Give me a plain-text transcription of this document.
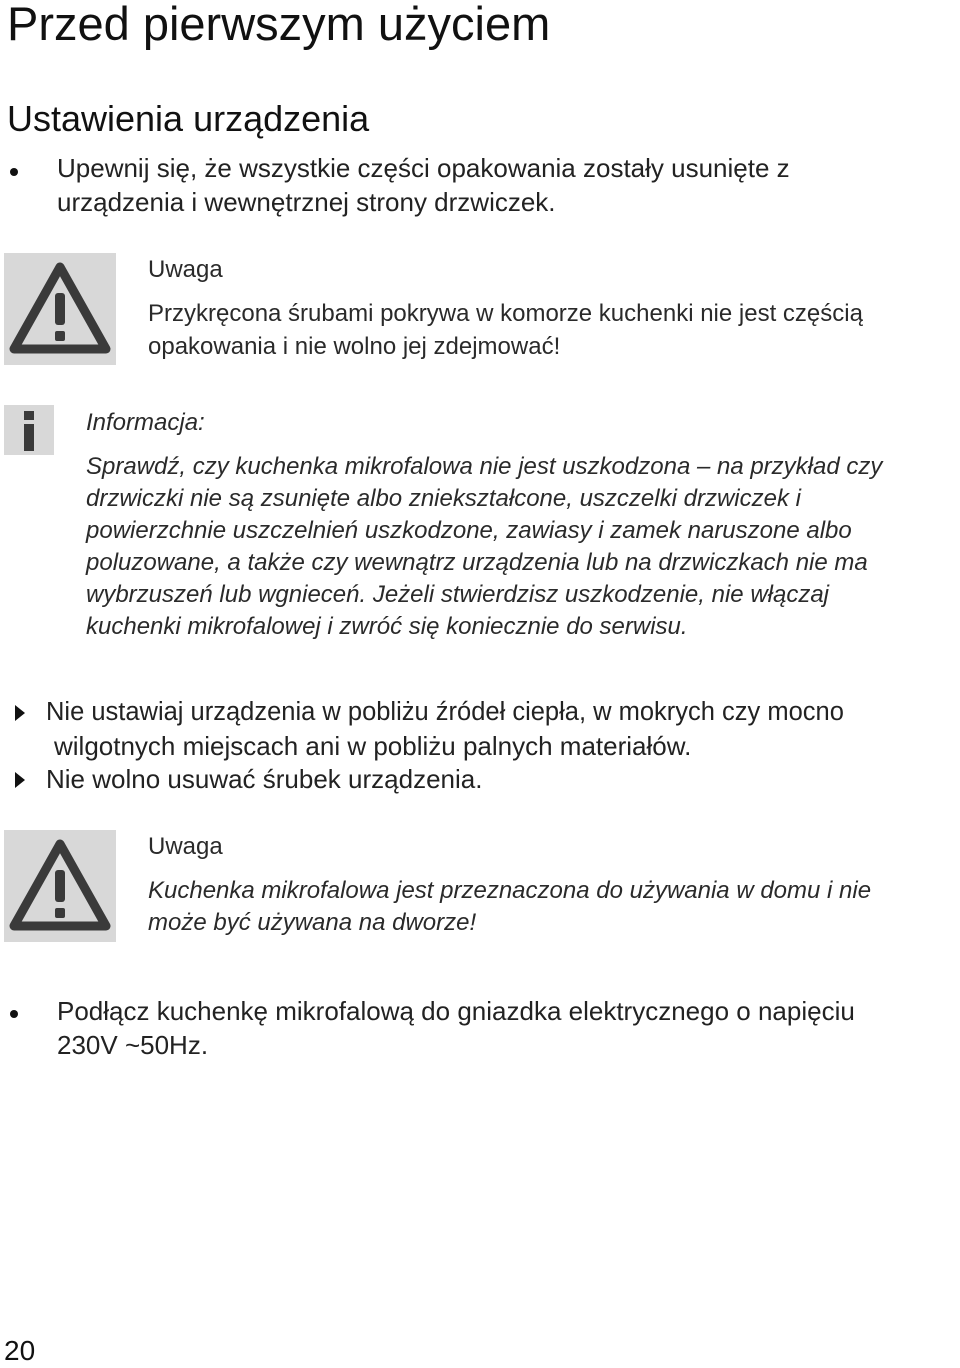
Przed pierwszym użyciem
Ustawienia urządzenia
Upewnij się, że wszystkie części opakowania zostały usunięte z
urządzenia i wewnętrznej strony drzwiczek.
Uwaga
Przykręcona śrubami pokrywa w komorze kuchenki nie jest częścią
opakowania i nie wolno jej zdejmować!
Informacja:
Sprawdź, czy kuchenka mikrofalowa nie jest uszkodzona – na przykład czy
drzwiczki nie są zsunięte albo zniekształcone, uszczelki drzwiczek i
powierzchnie uszczelnień uszkodzone, zawiasy i zamek naruszone albo
poluzowane, a także czy wewnątrz urządzenia lub na drzwiczkach nie ma
wybrzuszeń lub wgnieceń. Jeżeli stwierdzisz uszkodzenie, nie włączaj
kuchenki mikrofalowej i zwróć się koniecznie do serwisu.
Nie ustawiaj urządzenia w pobliżu źródeł ciepła, w mokrych czy mocno
wilgotnych miejscach ani w pobliżu palnych materiałów.
Nie wolno usuwać śrubek urządzenia.
Uwaga
Kuchenka mikrofalowa jest przeznaczona do używania w domu i nie
może być używana na dworze!
Podłącz kuchenkę mikrofalową do gniazdka elektrycznego o napięciu
230V ~50Hz.
20
